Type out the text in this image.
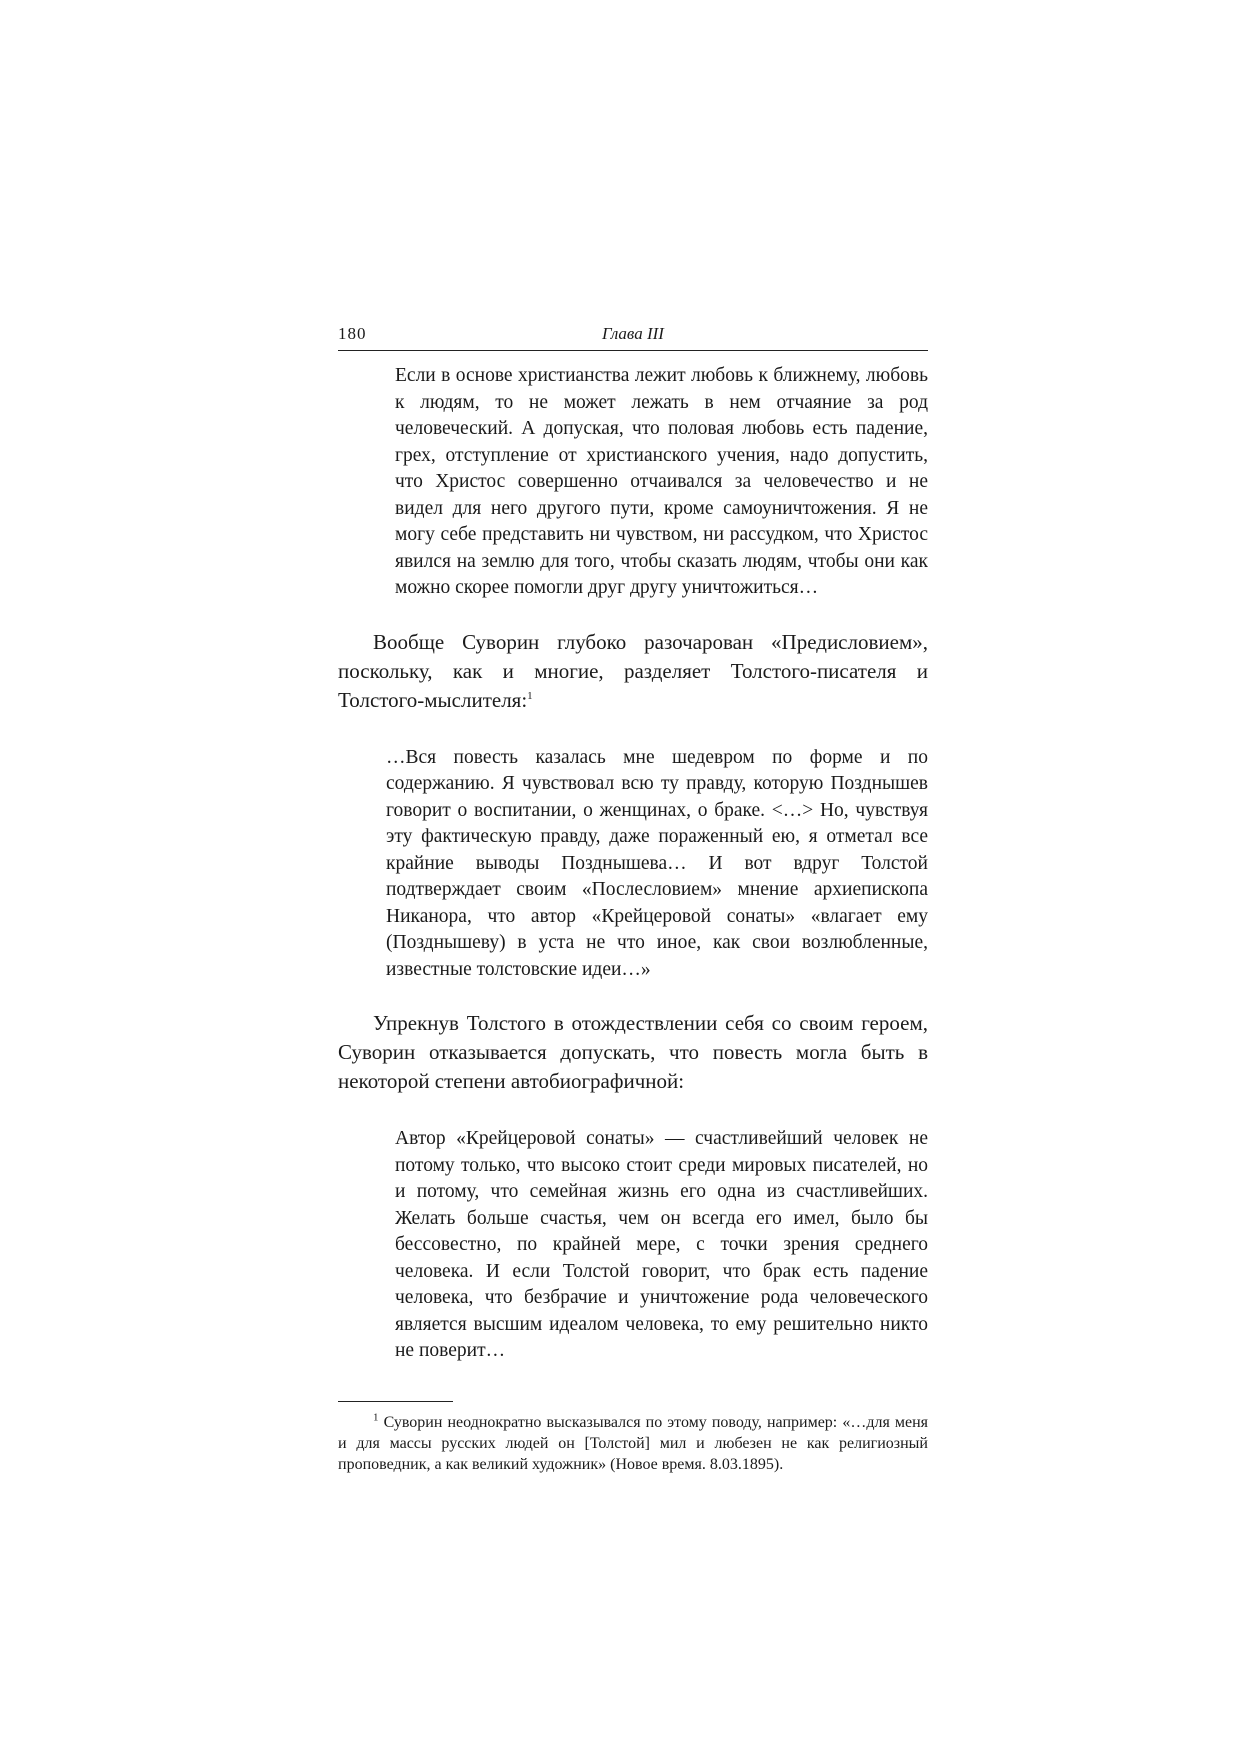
180	Глава III
Если в основе христианства лежит любовь к ближнему, любовь к людям, то не может лежать в нем отчаяние за род человеческий. А допуская, что половая любовь есть падение, грех, отступление от христианского учения, надо допустить, что Христос совершенно отчаивался за человечество и не видел для него другого пути, кроме самоуничтожения. Я не могу себе представить ни чувством, ни рассудком, что Христос явился на землю для того, чтобы сказать людям, чтобы они как можно скорее помогли друг другу уничтожиться…

Вообще Суворин глубоко разочарован «Предисловием», поскольку, как и многие, разделяет Толстого-писателя и Толстого-мыслителя:$^1$

…Вся повесть казалась мне шедевром по форме и по содержанию. Я чувствовал всю ту правду, которую Позднышев говорит о воспитании, о женщинах, о браке. <…> Но, чувствуя эту фактическую правду, даже пораженный ею, я отметал все крайние выводы Позднышева… И вот вдруг Толстой подтверждает своим «Послесловием» мнение архиепископа Никанора, что автор «Крейцеровой сонаты» «влагает ему (Позднышеву) в уста не что иное, как свои возлюбленные, известные толстовские идеи…»

Упрекнув Толстого в отождествлении себя со своим героем, Суворин отказывается допускать, что повесть могла быть в некоторой степени автобиографичной:

Автор «Крейцеровой сонаты» — счастливейший человек не потому только, что высоко стоит среди мировых писателей, но и потому, что семейная жизнь его одна из счастливейших. Желать больше счастья, чем он всегда его имел, было бы бессовестно, по крайней мере, с точки зрения среднего человека. И если Толстой говорит, что брак есть падение человека, что безбрачие и уничтожение рода человеческого является высшим идеалом человека, то ему решительно никто не поверит…

$^1$ Суворин неоднократно высказывался по этому поводу, например: «…для меня и для массы русских людей он [Толстой] мил и любезен не как религиозный проповедник, а как великий художник» (Новое время. 8.03.1895).
